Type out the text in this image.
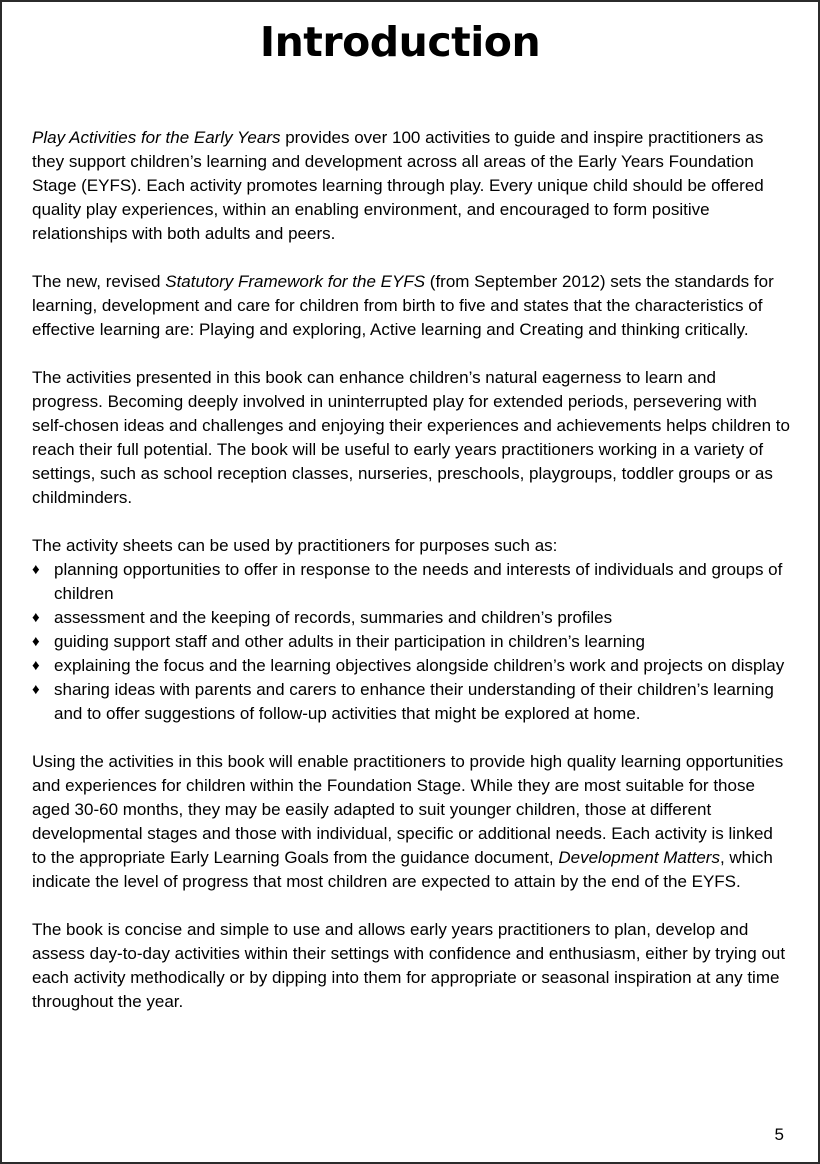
Introduction

Play Activities for the Early Years provides over 100 activities to guide and inspire practitioners as they support children’s learning and development across all areas of the Early Years Foundation Stage (EYFS). Each activity promotes learning through play. Every unique child should be offered quality play experiences, within an enabling environment, and encouraged to form positive relationships with both adults and peers.

The new, revised Statutory Framework for the EYFS (from September 2012) sets the standards for learning, development and care for children from birth to five and states that the characteristics of effective learning are: Playing and exploring, Active learning and Creating and thinking critically.

The activities presented in this book can enhance children’s natural eagerness to learn and progress. Becoming deeply involved in uninterrupted play for extended periods, persevering with self-chosen ideas and challenges and enjoying their experiences and achievements helps children to reach their full potential. The book will be useful to early years practitioners working in a variety of settings, such as school reception classes, nurseries, preschools, playgroups, toddler groups or as childminders.

The activity sheets can be used by practitioners for purposes such as:

♦ planning opportunities to offer in response to the needs and interests of individuals and groups of children
♦ assessment and the keeping of records, summaries and children’s profiles
♦ guiding support staff and other adults in their participation in children’s learning
♦ explaining the focus and the learning objectives alongside children’s work and projects on display
♦ sharing ideas with parents and carers to enhance their understanding of their children’s learning and to offer suggestions of follow-up activities that might be explored at home.

Using the activities in this book will enable practitioners to provide high quality learning opportunities and experiences for children within the Foundation Stage. While they are most suitable for those aged 30-60 months, they may be easily adapted to suit younger children, those at different developmental stages and those with individual, specific or additional needs. Each activity is linked to the appropriate Early Learning Goals from the guidance document, Development Matters, which indicate the level of progress that most children are expected to attain by the end of the EYFS.

The book is concise and simple to use and allows early years practitioners to plan, develop and assess day-to-day activities within their settings with confidence and enthusiasm, either by trying out each activity methodically or by dipping into them for appropriate or seasonal inspiration at any time throughout the year.

5
